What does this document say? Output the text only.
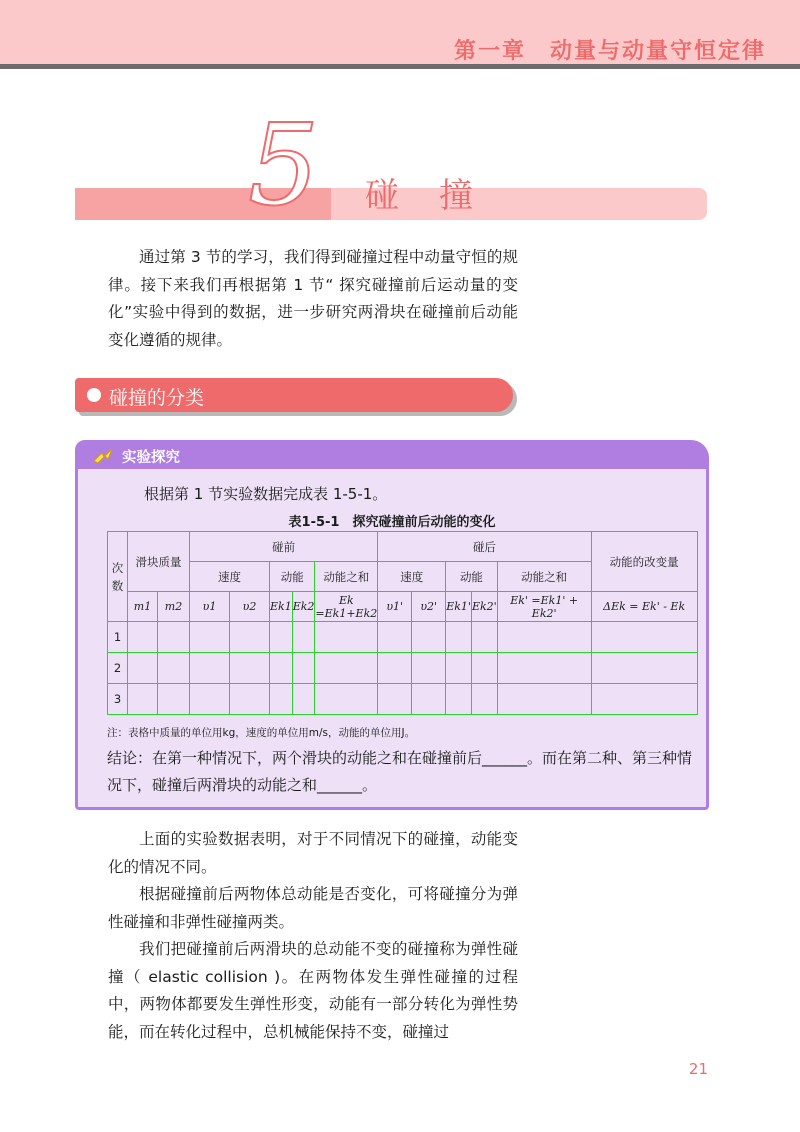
第一章　动量与动量守恒定律
5 碰撞

通过第 3 节的学习，我们得到碰撞过程中动量守恒的规律。接下来我们再根据第 1 节“ 探究碰撞前后运动量的变化”实验中得到的数据，进一步研究两滑块在碰撞前后动能变化遵循的规律。

碰撞的分类
实验探究
根据第 1 节实验数据完成表 1-5-1。
表1-5-1　探究碰撞前后动能的变化
次数	滑块质量		碰前					碰后					动能的改变量
			速度		动能		动能之和	速度		动能		动能之和	
	m1	m2	υ1	υ2	Ek1	Ek2	Ek =Ek1+Ek2	υ1'	υ2'	Ek1'	Ek2'	Ek' =Ek1' + Ek2'	ΔEk = Ek' - Ek
1													
2													
3													
注：表格中质量的单位用kg，速度的单位用m/s，动能的单位用J。
结论：在第一种情况下，两个滑块的动能之和在碰撞前后______。而在第二种、第三种情况下，碰撞后两滑块的动能之和______。

上面的实验数据表明，对于不同情况下的碰撞，动能变化的情况不同。

根据碰撞前后两物体总动能是否变化，可将碰撞分为弹性碰撞和非弹性碰撞两类。

我们把碰撞前后两滑块的总动能不变的碰撞称为弹性碰撞（ elastic collision )。在两物体发生弹性碰撞的过程中，两物体都要发生弹性形变，动能有一部分转化为弹性势能，而在转化过程中，总机械能保持不变，碰撞过

21
